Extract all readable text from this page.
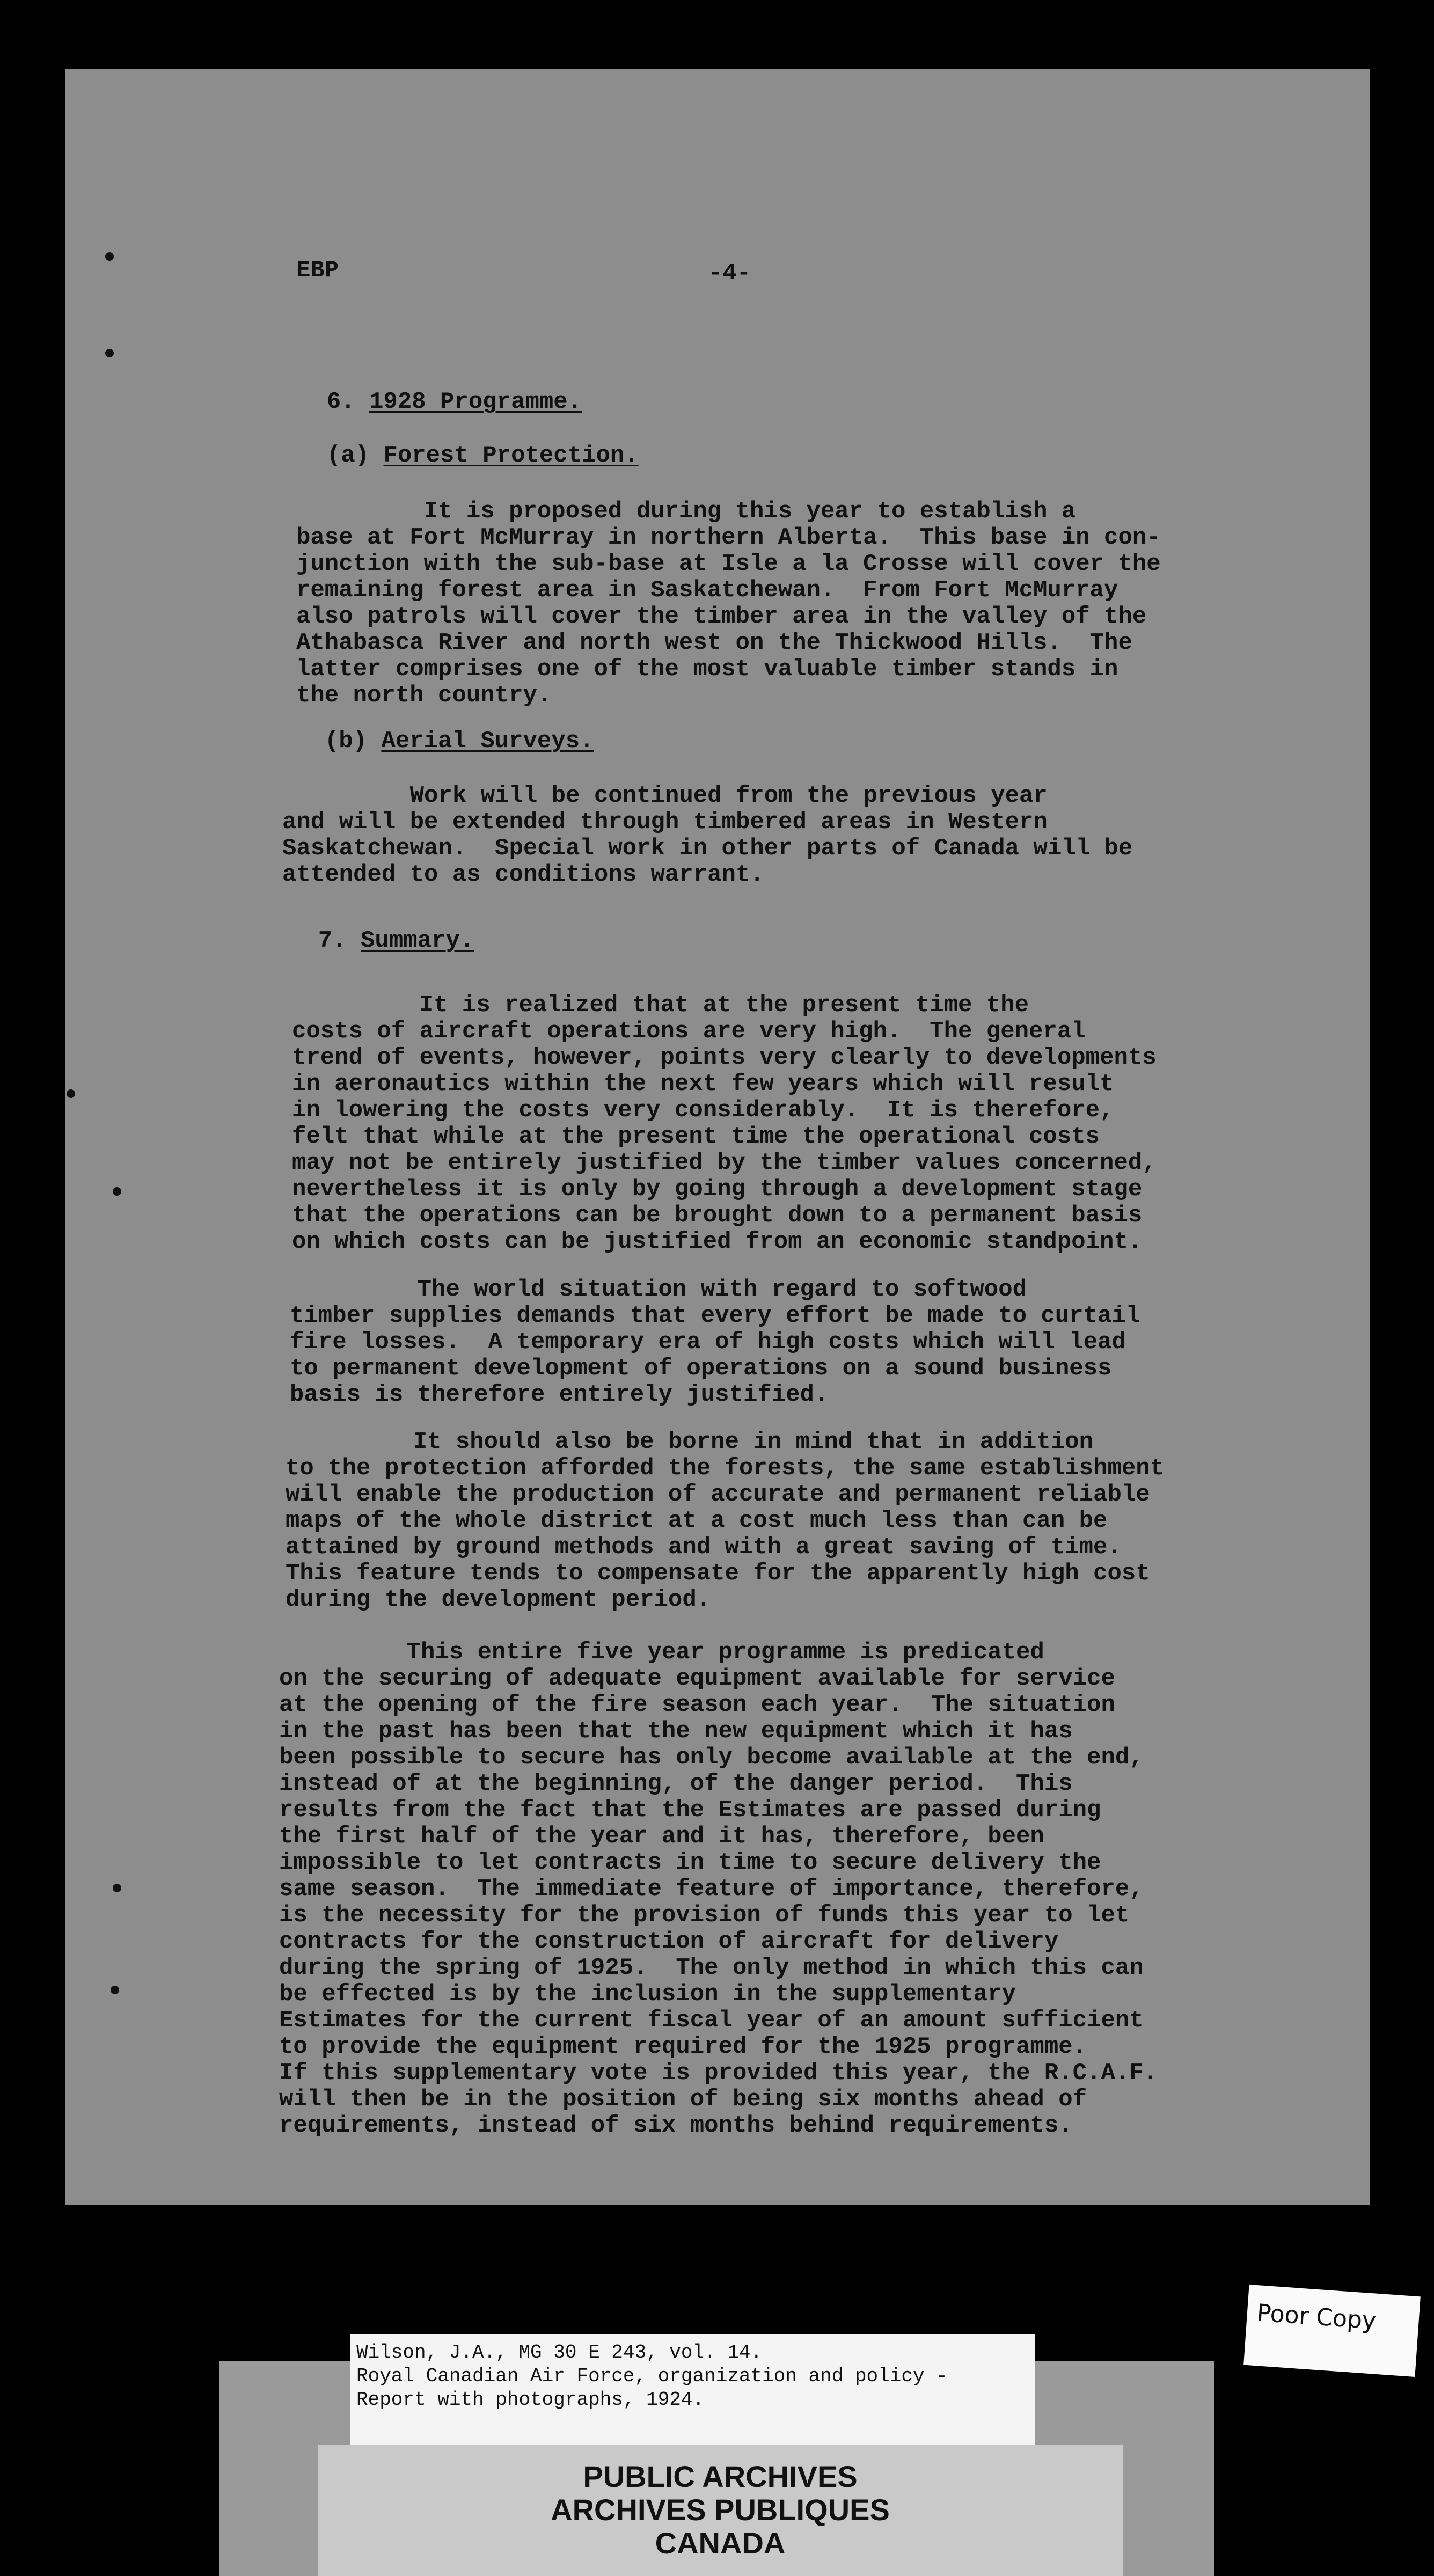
EBP	-4-

6. 1928 Programme.

(a) Forest Protection.

It is proposed during this year to establish a
base at Fort McMurray in northern Alberta.  This base in con-
junction with the sub-base at Isle a la Crosse will cover the
remaining forest area in Saskatchewan.  From Fort McMurray
also patrols will cover the timber area in the valley of the
Athabasca River and north west on the Thickwood Hills.  The
latter comprises one of the most valuable timber stands in
the north country.

(b) Aerial Surveys.

Work will be continued from the previous year
and will be extended through timbered areas in Western
Saskatchewan.  Special work in other parts of Canada will be
attended to as conditions warrant.

7. Summary.

It is realized that at the present time the
costs of aircraft operations are very high.  The general
trend of events, however, points very clearly to developments
in aeronautics within the next few years which will result
in lowering the costs very considerably.  It is therefore,
felt that while at the present time the operational costs
may not be entirely justified by the timber values concerned,
nevertheless it is only by going through a development stage
that the operations can be brought down to a permanent basis
on which costs can be justified from an economic standpoint.

The world situation with regard to softwood
timber supplies demands that every effort be made to curtail
fire losses.  A temporary era of high costs which will lead
to permanent development of operations on a sound business
basis is therefore entirely justified.

It should also be borne in mind that in addition
to the protection afforded the forests, the same establishment
will enable the production of accurate and permanent reliable
maps of the whole district at a cost much less than can be
attained by ground methods and with a great saving of time.
This feature tends to compensate for the apparently high cost
during the development period.

This entire five year programme is predicated
on the securing of adequate equipment available for service
at the opening of the fire season each year.  The situation
in the past has been that the new equipment which it has
been possible to secure has only become available at the end,
instead of at the beginning, of the danger period.  This
results from the fact that the Estimates are passed during
the first half of the year and it has, therefore, been
impossible to let contracts in time to secure delivery the
same season.  The immediate feature of importance, therefore,
is the necessity for the provision of funds this year to let
contracts for the construction of aircraft for delivery
during the spring of 1925.  The only method in which this can
be effected is by the inclusion in the supplementary
Estimates for the current fiscal year of an amount sufficient
to provide the equipment required for the 1925 programme.
If this supplementary vote is provided this year, the R.C.A.F.
will then be in the position of being six months ahead of
requirements, instead of six months behind requirements.

Poor Copy
Wilson, J.A., MG 30 E 243, vol. 14.
Royal Canadian Air Force, organization and policy -
Report with photographs, 1924.
PUBLIC ARCHIVES
ARCHIVES PUBLIQUES
CANADA
